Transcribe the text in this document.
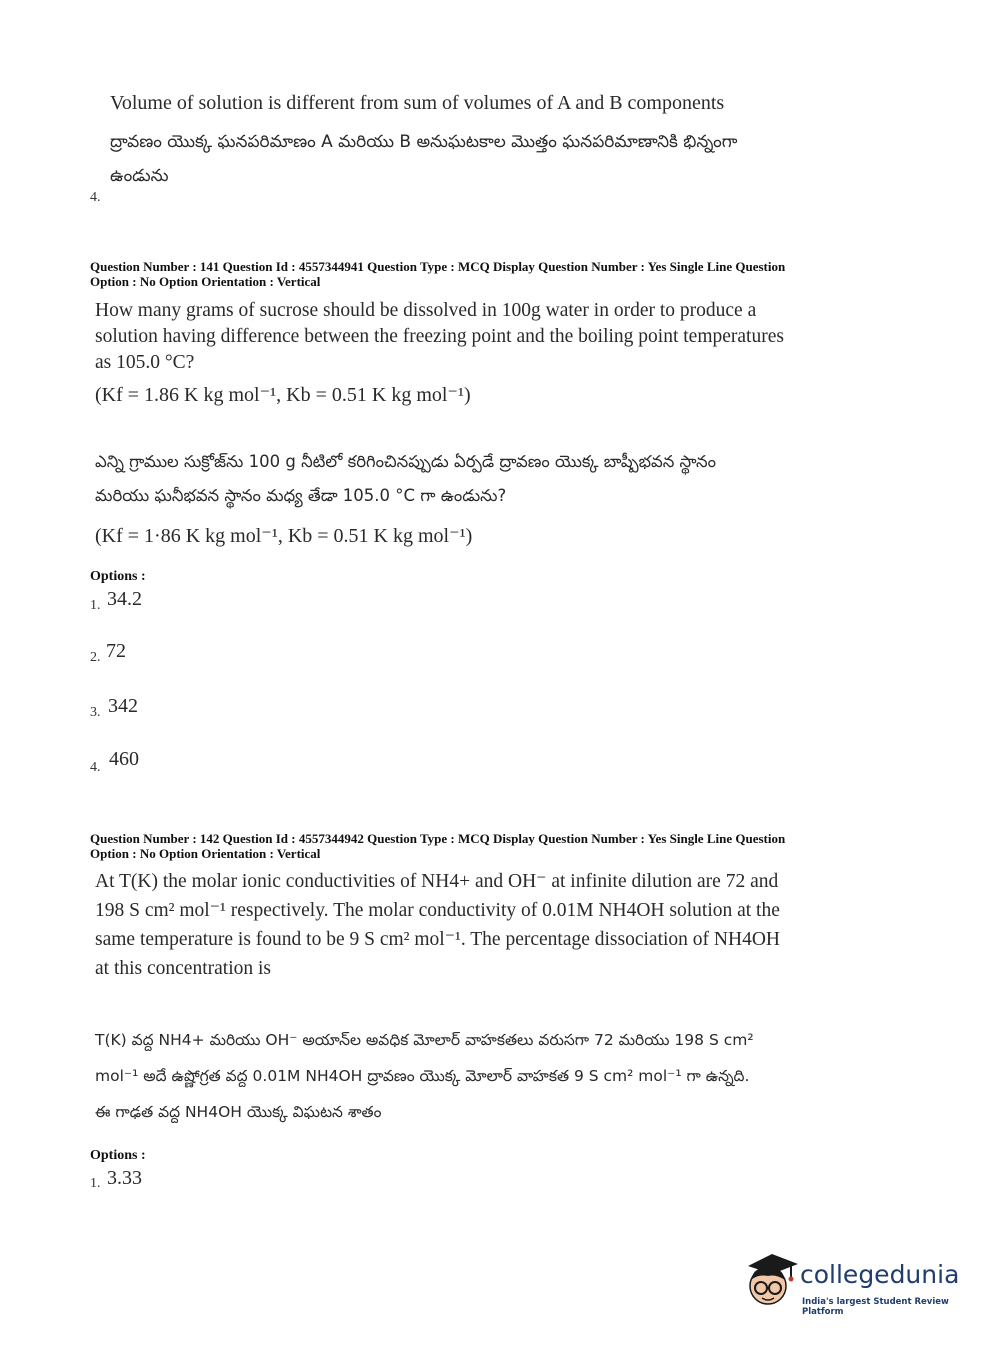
Volume of solution is different from sum of volumes of A and B components
ద్రావణం యొక్క ఘనపరిమాణం A మరియు B అనుఘటకాల మొత్తం ఘనపరిమాణానికి భిన్నంగా
ఉండును
4.
Question Number : 141 Question Id : 4557344941 Question Type : MCQ Display Question Number : Yes Single Line Question
Option : No Option Orientation : Vertical
How many grams of sucrose should be dissolved in 100g water in order to produce a
solution having difference between the freezing point and the boiling point temperatures
as 105.0 °C?
(Kf = 1.86 K kg mol⁻¹, Kb = 0.51 K kg mol⁻¹)
ఎన్ని గ్రాముల సుక్రోజ్‌ను 100 g నీటిలో కరిగించినప్పుడు ఏర్పడే ద్రావణం యొక్క బాష్పీభవన స్థానం
మరియు ఘనీభవన స్థానం మధ్య తేడా 105.0 °C గా ఉండును?
(Kf = 1·86 K kg mol⁻¹, Kb = 0.51 K kg mol⁻¹)
Options :
1. 34.2
2. 72
3. 342
4. 460
Question Number : 142 Question Id : 4557344942 Question Type : MCQ Display Question Number : Yes Single Line Question
Option : No Option Orientation : Vertical
At T(K) the molar ionic conductivities of NH4+ and OH⁻ at infinite dilution are 72 and
198 S cm² mol⁻¹ respectively. The molar conductivity of 0.01M NH4OH solution at the
same temperature is found to be 9 S cm² mol⁻¹. The percentage dissociation of NH4OH
at this concentration is
T(K) వద్ద NH4+ మరియు OH⁻ అయాన్‌ల అవధిక మోలార్ వాహకతలు వరుసగా 72 మరియు 198 S cm²
mol⁻¹ అదే ఉష్ణోగ్రత వద్ద 0.01M NH4OH ద్రావణం యొక్క మోలార్ వాహకత 9 S cm² mol⁻¹ గా ఉన్నది.
ఈ గాఢత వద్ద NH4OH యొక్క విఘటన శాతం
Options :
1. 3.33
collegedunia
India's largest Student Review Platform
